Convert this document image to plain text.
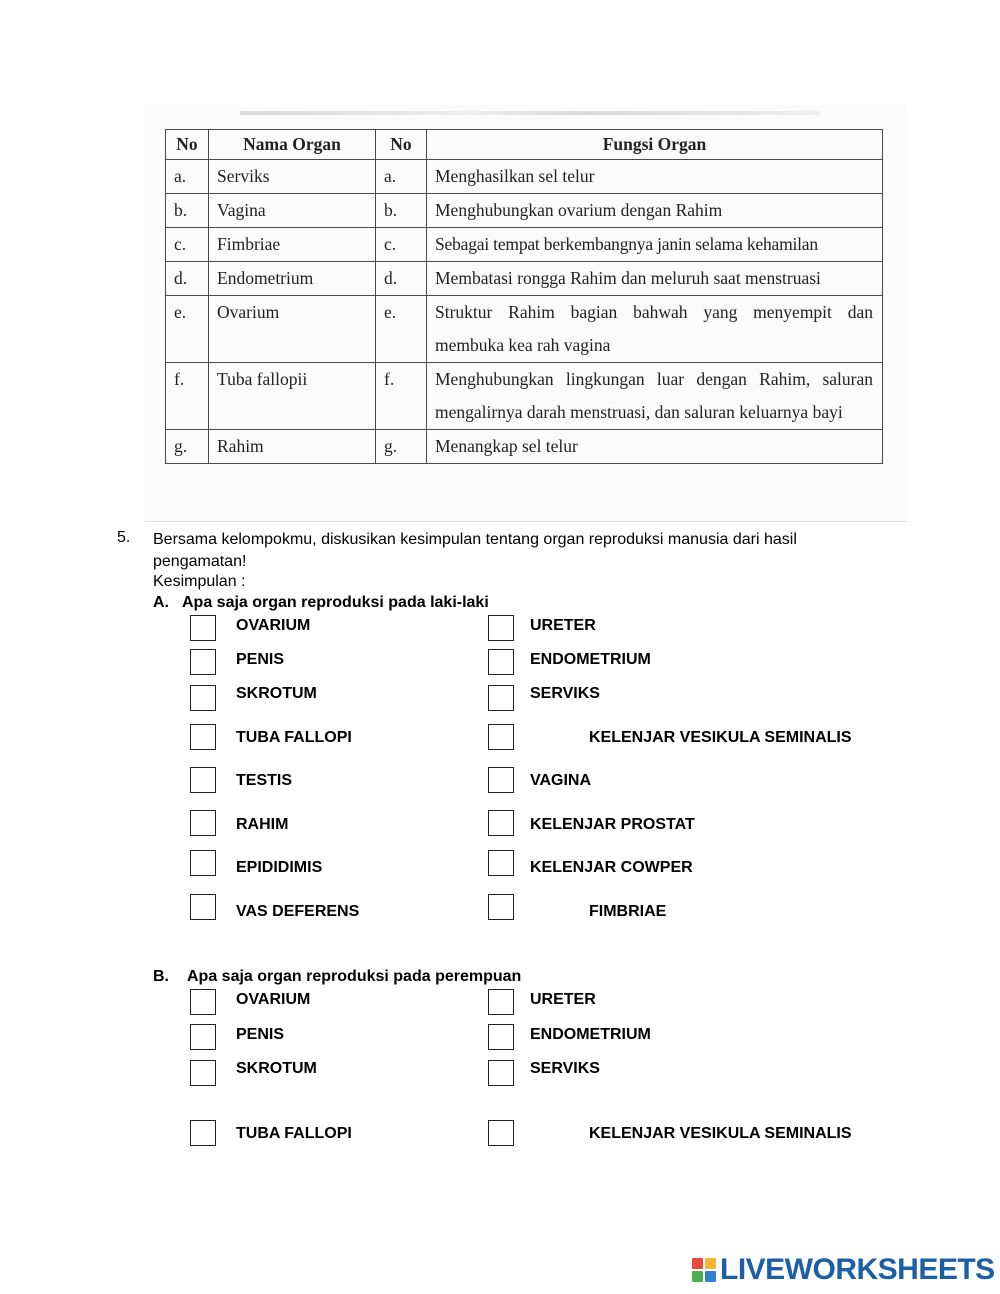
No	Nama Organ	No	Fungsi Organ
a.	Serviks	a.	Menghasilkan sel telur
b.	Vagina	b.	Menghubungkan ovarium dengan Rahim
c.	Fimbriae	c.	Sebagai tempat berkembangnya janin selama kehamilan
d.	Endometrium	d.	Membatasi rongga Rahim dan meluruh saat menstruasi
e.	Ovarium	e.	Struktur Rahim bagian bahwah yang menyempit dan membuka kea rah vagina
f.	Tuba fallopii	f.	Menghubungkan lingkungan luar dengan Rahim, saluran mengalirnya darah menstruasi, dan saluran keluarnya bayi
g.	Rahim	g.	Menangkap sel telur
5. Bersama kelompokmu, diskusikan kesimpulan tentang organ reproduksi manusia dari hasil pengamatan!
Kesimpulan :
A. Apa saja organ reproduksi pada laki-laki
OVARIUM
PENIS
SKROTUM
TUBA FALLOPI
TESTIS
RAHIM
EPIDIDIMIS
VAS DEFERENS
URETER
ENDOMETRIUM
SERVIKS
KELENJAR VESIKULA SEMINALIS
VAGINA
KELENJAR PROSTAT
KELENJAR COWPER
FIMBRIAE
B. Apa saja organ reproduksi pada perempuan
OVARIUM
PENIS
SKROTUM
TUBA FALLOPI
URETER
ENDOMETRIUM
SERVIKS
KELENJAR VESIKULA SEMINALIS
LIVEWORKSHEETS
